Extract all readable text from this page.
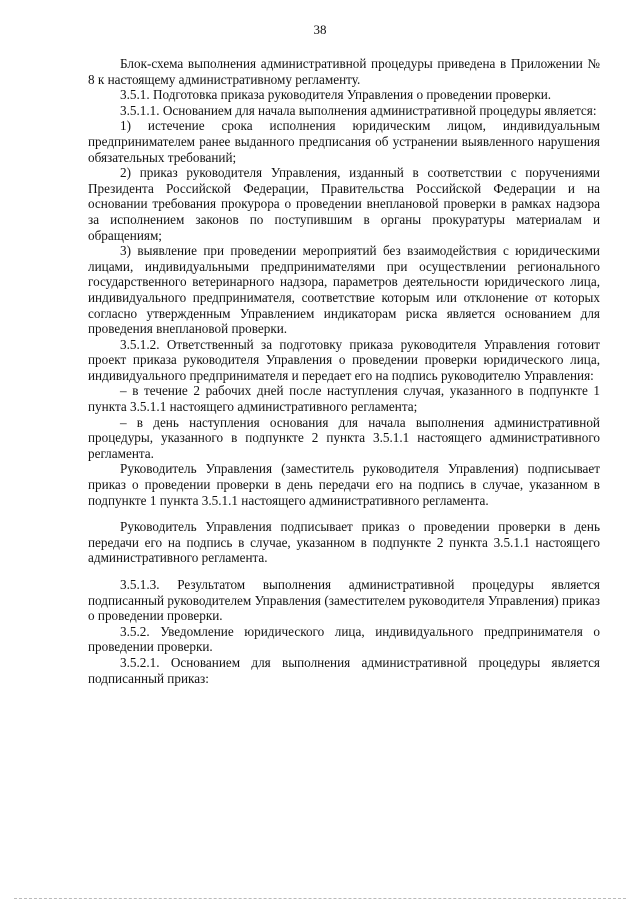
38

Блок-схема выполнения административной процедуры приведена в Приложении № 8 к настоящему административному регламенту.

3.5.1. Подготовка приказа руководителя Управления о проведении проверки.

3.5.1.1. Основанием для начала выполнения административной процедуры является:

1) истечение срока исполнения юридическим лицом, индивидуальным предпринимателем ранее выданного предписания об устранении выявленного нарушения обязательных требований;

2) приказ руководителя Управления, изданный в соответствии с поручениями Президента Российской Федерации, Правительства Российской Федерации и на основании требования прокурора о проведении внеплановой проверки в рамках надзора за исполнением законов по поступившим в органы прокуратуры материалам и обращениям;

3) выявление при проведении мероприятий без взаимодействия с юридическими лицами, индивидуальными предпринимателями при осуществлении регионального государственного ветеринарного надзора, параметров деятельности юридического лица, индивидуального предпринимателя, соответствие которым или отклонение от которых согласно утвержденным Управлением индикаторам риска является основанием для проведения внеплановой проверки.

3.5.1.2. Ответственный за подготовку приказа руководителя Управления готовит проект приказа руководителя Управления о проведении проверки юридического лица, индивидуального предпринимателя и передает его на подпись руководителю Управления:

– в течение 2 рабочих дней после наступления случая, указанного в подпункте 1 пункта 3.5.1.1 настоящего административного регламента;

– в день наступления основания для начала выполнения административной процедуры, указанного в подпункте 2 пункта 3.5.1.1 настоящего административного регламента.

Руководитель Управления (заместитель руководителя Управления) подписывает приказ о проведении проверки в день передачи его на подпись в случае, указанном в подпункте 1 пункта 3.5.1.1 настоящего административного регламента.

Руководитель Управления подписывает приказ о проведении проверки в день передачи его на подпись в случае, указанном в подпункте 2 пункта 3.5.1.1 настоящего административного регламента.

3.5.1.3. Результатом выполнения административной процедуры является подписанный руководителем Управления (заместителем руководителя Управления) приказ о проведении проверки.

3.5.2. Уведомление юридического лица, индивидуального предпринимателя о проведении проверки.

3.5.2.1. Основанием для выполнения административной процедуры является подписанный приказ:
